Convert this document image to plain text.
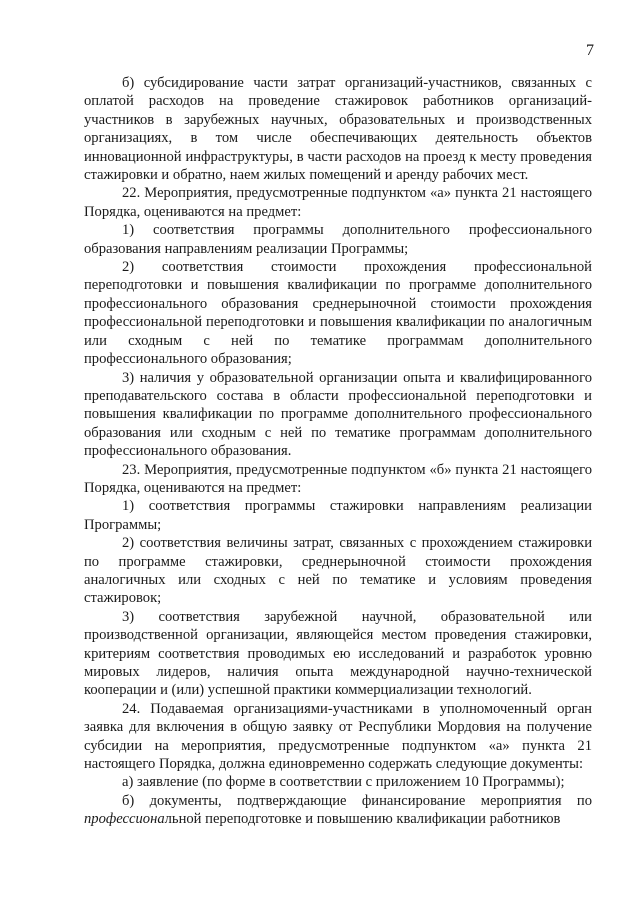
7

б) субсидирование части затрат организаций-участников, связанных с оплатой расходов на проведение стажировок работников организаций-участников в зарубежных научных, образовательных и производственных организациях, в том числе обеспечивающих деятельность объектов инновационной инфраструктуры, в части расходов на проезд к месту проведения стажировки и обратно, наем жилых помещений и аренду рабочих мест.

22. Мероприятия, предусмотренные подпунктом «а» пункта 21 настоящего Порядка, оцениваются на предмет:

1) соответствия программы дополнительного профессионального образования направлениям реализации Программы;

2) соответствия стоимости прохождения профессиональной переподготовки и повышения квалификации по программе дополнительного профессионального образования среднерыночной стоимости прохождения профессиональной переподготовки и повышения квалификации по аналогичным или сходным с ней по тематике программам дополнительного профессионального образования;

3) наличия у образовательной организации опыта и квалифицированного преподавательского состава в области профессиональной переподготовки и повышения квалификации по программе дополнительного профессионального образования или сходным с ней по тематике программам дополнительного профессионального образования.

23. Мероприятия, предусмотренные подпунктом «б» пункта 21 настоящего Порядка, оцениваются на предмет:

1) соответствия программы стажировки направлениям реализации Программы;

2) соответствия величины затрат, связанных с прохождением стажировки по программе стажировки, среднерыночной стоимости прохождения аналогичных или сходных с ней по тематике и условиям проведения стажировок;

3) соответствия зарубежной научной, образовательной или производственной организации, являющейся местом проведения стажировки, критериям соответствия проводимых ею исследований и разработок уровню мировых лидеров, наличия опыта международной научно-технической кооперации и (или) успешной практики коммерциализации технологий.

24. Подаваемая организациями-участниками в уполномоченный орган заявка для включения в общую заявку от Республики Мордовия на получение субсидии на мероприятия, предусмотренные подпунктом «а» пункта 21 настоящего Порядка, должна единовременно содержать следующие документы:

а) заявление (по форме в соответствии с приложением 10 Программы);

б) документы, подтверждающие финансирование мероприятия по профессиональной переподготовке и повышению квалификации работников
